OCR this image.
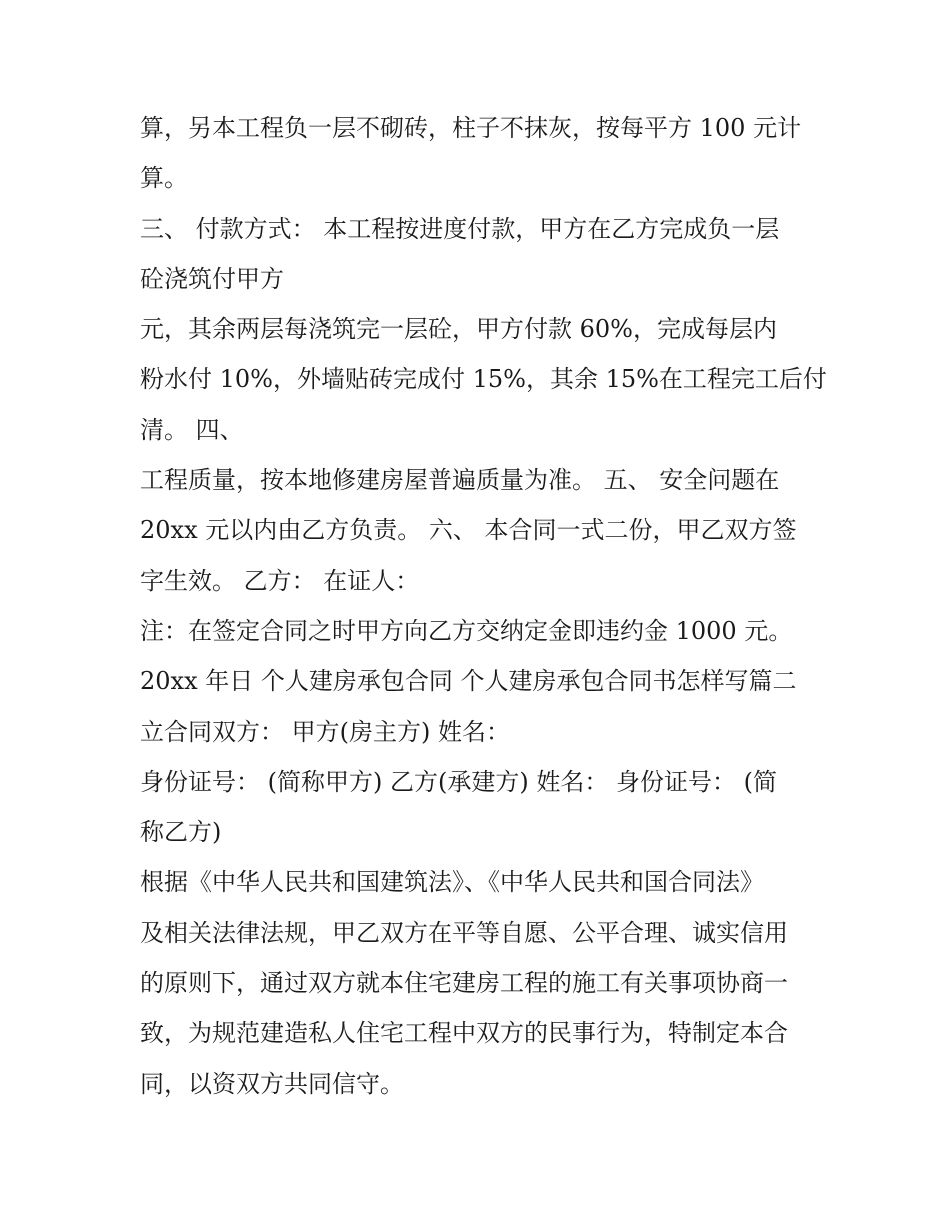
算，另本工程负一层不砌砖，柱子不抹灰，按每平方 100 元计
算。
三、 付款方式： 本工程按进度付款，甲方在乙方完成负一层
砼浇筑付甲方
元，其余两层每浇筑完一层砼，甲方付款 60%，完成每层内
粉水付 10%，外墙贴砖完成付 15%，其余 15%在工程完工后付
清。 四、
工程质量，按本地修建房屋普遍质量为准。 五、 安全问题在
20xx 元以内由乙方负责。 六、 本合同一式二份，甲乙双方签
字生效。 乙方： 在证人：
注：在签定合同之时甲方向乙方交纳定金即违约金 1000 元。
20xx 年日 个人建房承包合同 个人建房承包合同书怎样写篇二
立合同双方： 甲方(房主方) 姓名：
身份证号： (简称甲方) 乙方(承建方) 姓名： 身份证号： (简
称乙方)
根据《中华人民共和国建筑法》、《中华人民共和国合同法》
及相关法律法规，甲乙双方在平等自愿、公平合理、诚实信用
的原则下，通过双方就本住宅建房工程的施工有关事项协商一
致，为规范建造私人住宅工程中双方的民事行为，特制定本合
同，以资双方共同信守。
